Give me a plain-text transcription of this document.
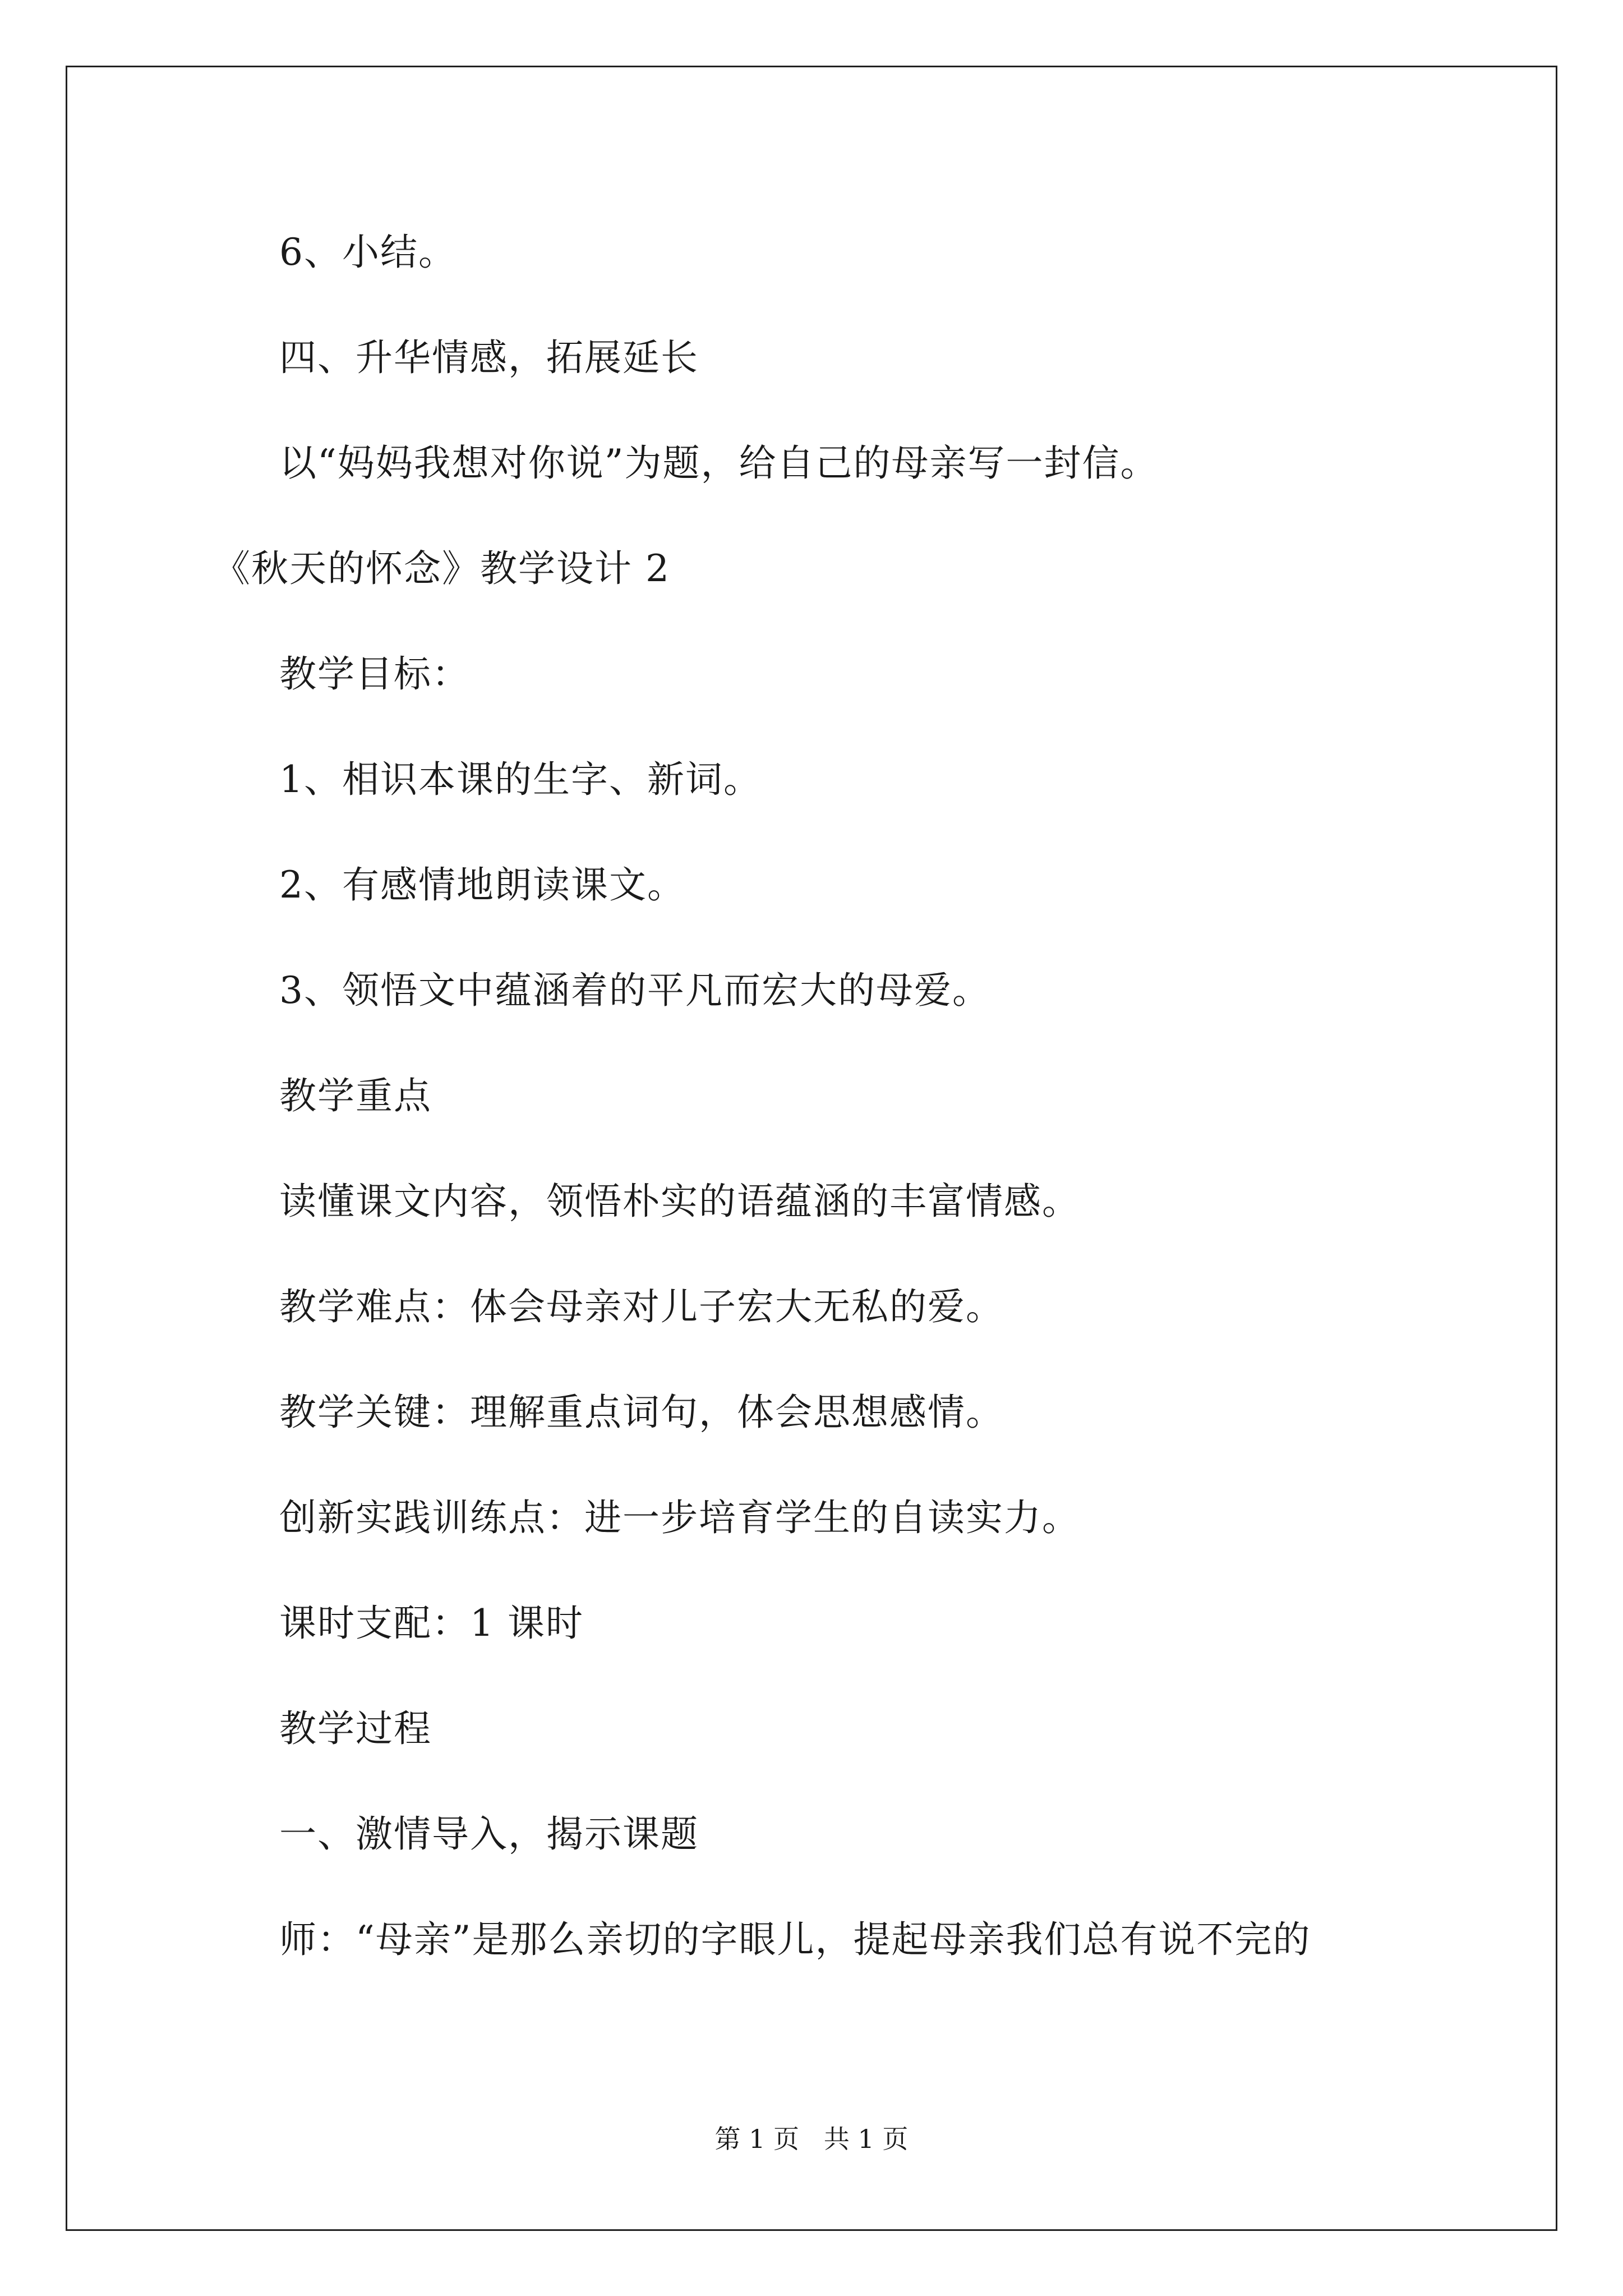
6、小结。
四、升华情感，拓展延长
以“妈妈我想对你说”为题，给自己的母亲写一封信。
《秋天的怀念》教学设计 2
教学目标：
1、相识本课的生字、新词。
2、有感情地朗读课文。
3、领悟文中蕴涵着的平凡而宏大的母爱。
教学重点
读懂课文内容，领悟朴实的语蕴涵的丰富情感。
教学难点：体会母亲对儿子宏大无私的爱。
教学关键：理解重点词句，体会思想感情。
创新实践训练点：进一步培育学生的自读实力。
课时支配：1 课时
教学过程
一、激情导入，揭示课题
师：“母亲”是那么亲切的字眼儿，提起母亲我们总有说不完的
第 1 页   共 1 页
